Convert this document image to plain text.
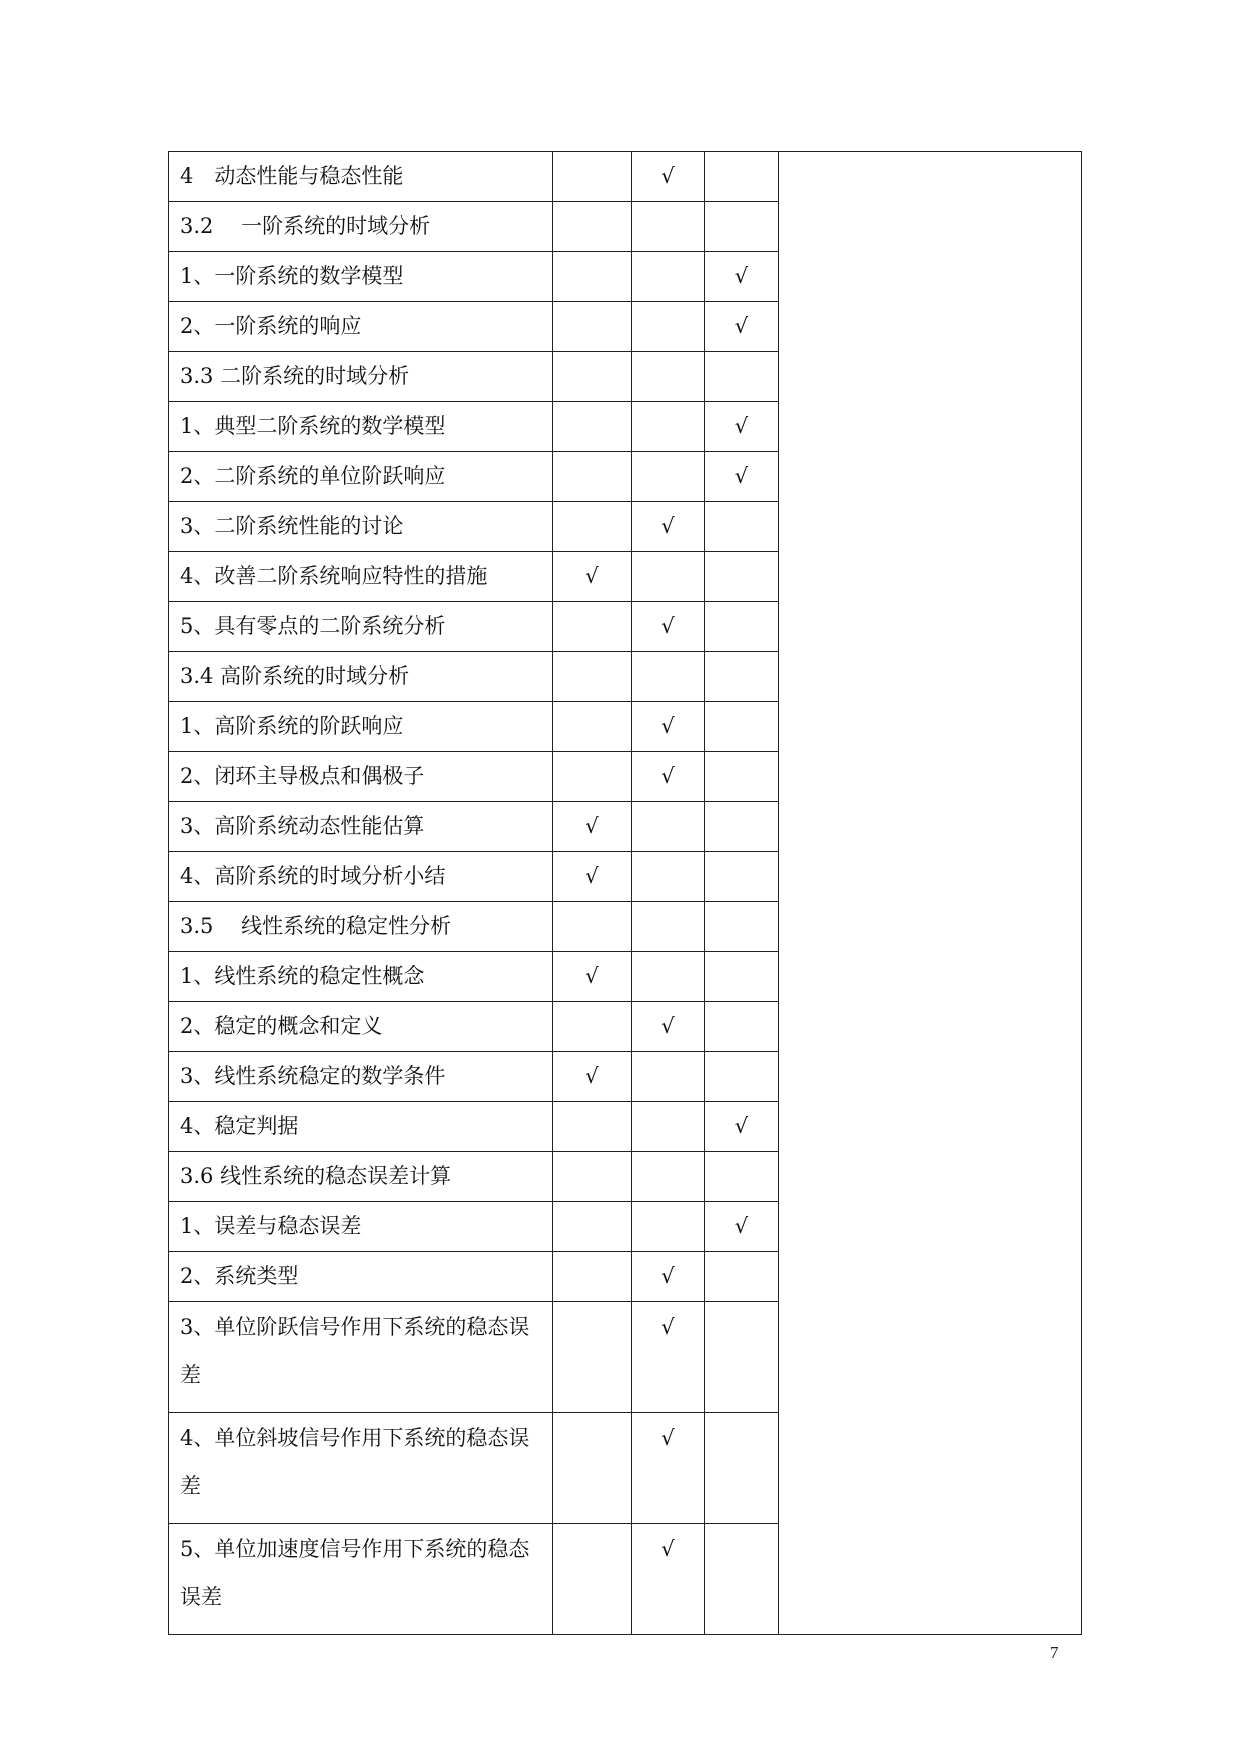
4　动态性能与稳态性能		√		
3.2　 一阶系统的时域分析				
1、一阶系统的数学模型			√	
2、一阶系统的响应			√	
3.3 二阶系统的时域分析				
1、典型二阶系统的数学模型			√	
2、二阶系统的单位阶跃响应			√	
3、二阶系统性能的讨论		√		
4、改善二阶系统响应特性的措施	√			
5、具有零点的二阶系统分析		√		
3.4 高阶系统的时域分析				
1、高阶系统的阶跃响应		√		
2、闭环主导极点和偶极子		√		
3、高阶系统动态性能估算	√			
4、高阶系统的时域分析小结	√			
3.5　 线性系统的稳定性分析				
1、线性系统的稳定性概念	√			
2、稳定的概念和定义		√		
3、线性系统稳定的数学条件	√			
4、稳定判据			√	
3.6 线性系统的稳态误差计算				
1、误差与稳态误差			√	
2、系统类型		√		
3、单位阶跃信号作用下系统的稳态误差		√		
4、单位斜坡信号作用下系统的稳态误差		√		
5、单位加速度信号作用下系统的稳态误差		√		
7
